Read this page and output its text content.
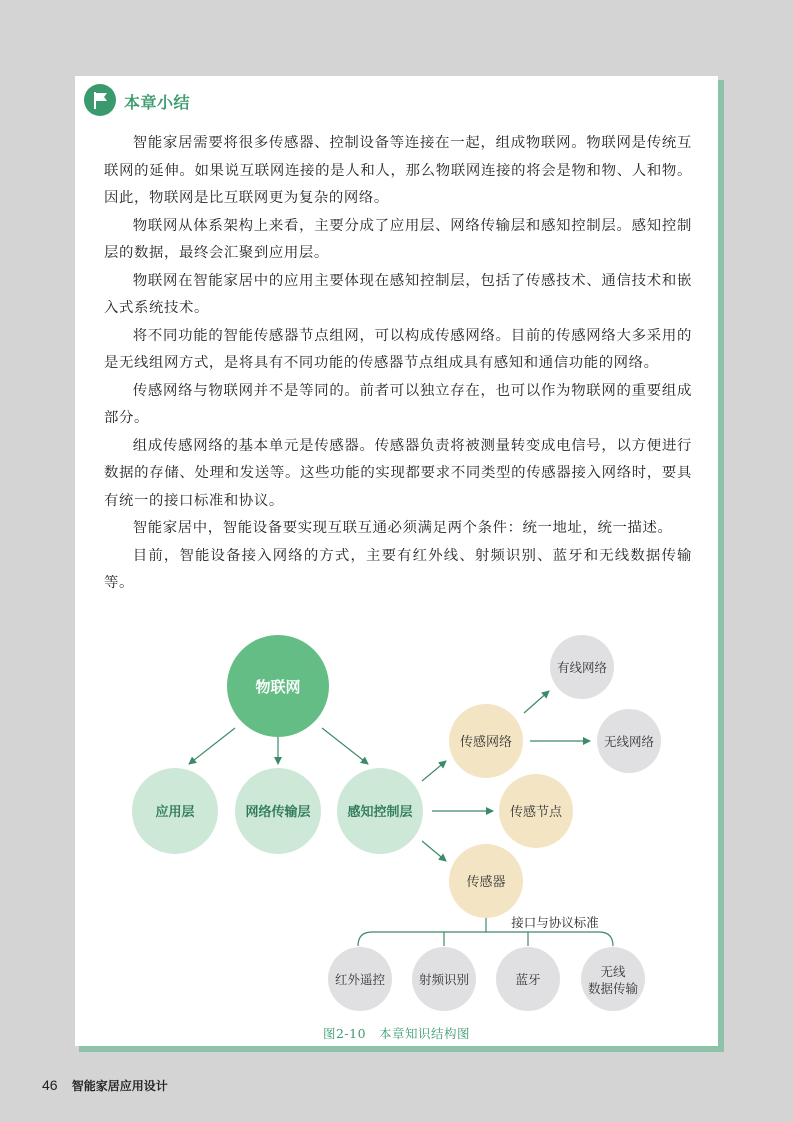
本章小结

智能家居需要将很多传感器、控制设备等连接在一起，组成物联网。物联网是传统互联网的延伸。如果说互联网连接的是人和人，那么物联网连接的将会是物和物、人和物。因此，物联网是比互联网更为复杂的网络。

物联网从体系架构上来看，主要分成了应用层、网络传输层和感知控制层。感知控制层的数据，最终会汇聚到应用层。

物联网在智能家居中的应用主要体现在感知控制层，包括了传感技术、通信技术和嵌入式系统技术。

将不同功能的智能传感器节点组网，可以构成传感网络。目前的传感网络大多采用的是无线组网方式，是将具有不同功能的传感器节点组成具有感知和通信功能的网络。

传感网络与物联网并不是等同的。前者可以独立存在，也可以作为物联网的重要组成部分。

组成传感网络的基本单元是传感器。传感器负责将被测量转变成电信号，以方便进行数据的存储、处理和发送等。这些功能的实现都要求不同类型的传感器接入网络时，要具有统一的接口标准和协议。

智能家居中，智能设备要实现互联互通必须满足两个条件：统一地址，统一描述。

目前，智能设备接入网络的方式，主要有红外线、射频识别、蓝牙和无线数据传输等。

物联网
应用层	网络传输层	感知控制层
传感网络
传感节点
传感器
有线网络
无线网络
接口与协议标准
红外遥控	射频识别	蓝牙
无线
数据传输
图2-10　本章知识结构图
46 智能家居应用设计
